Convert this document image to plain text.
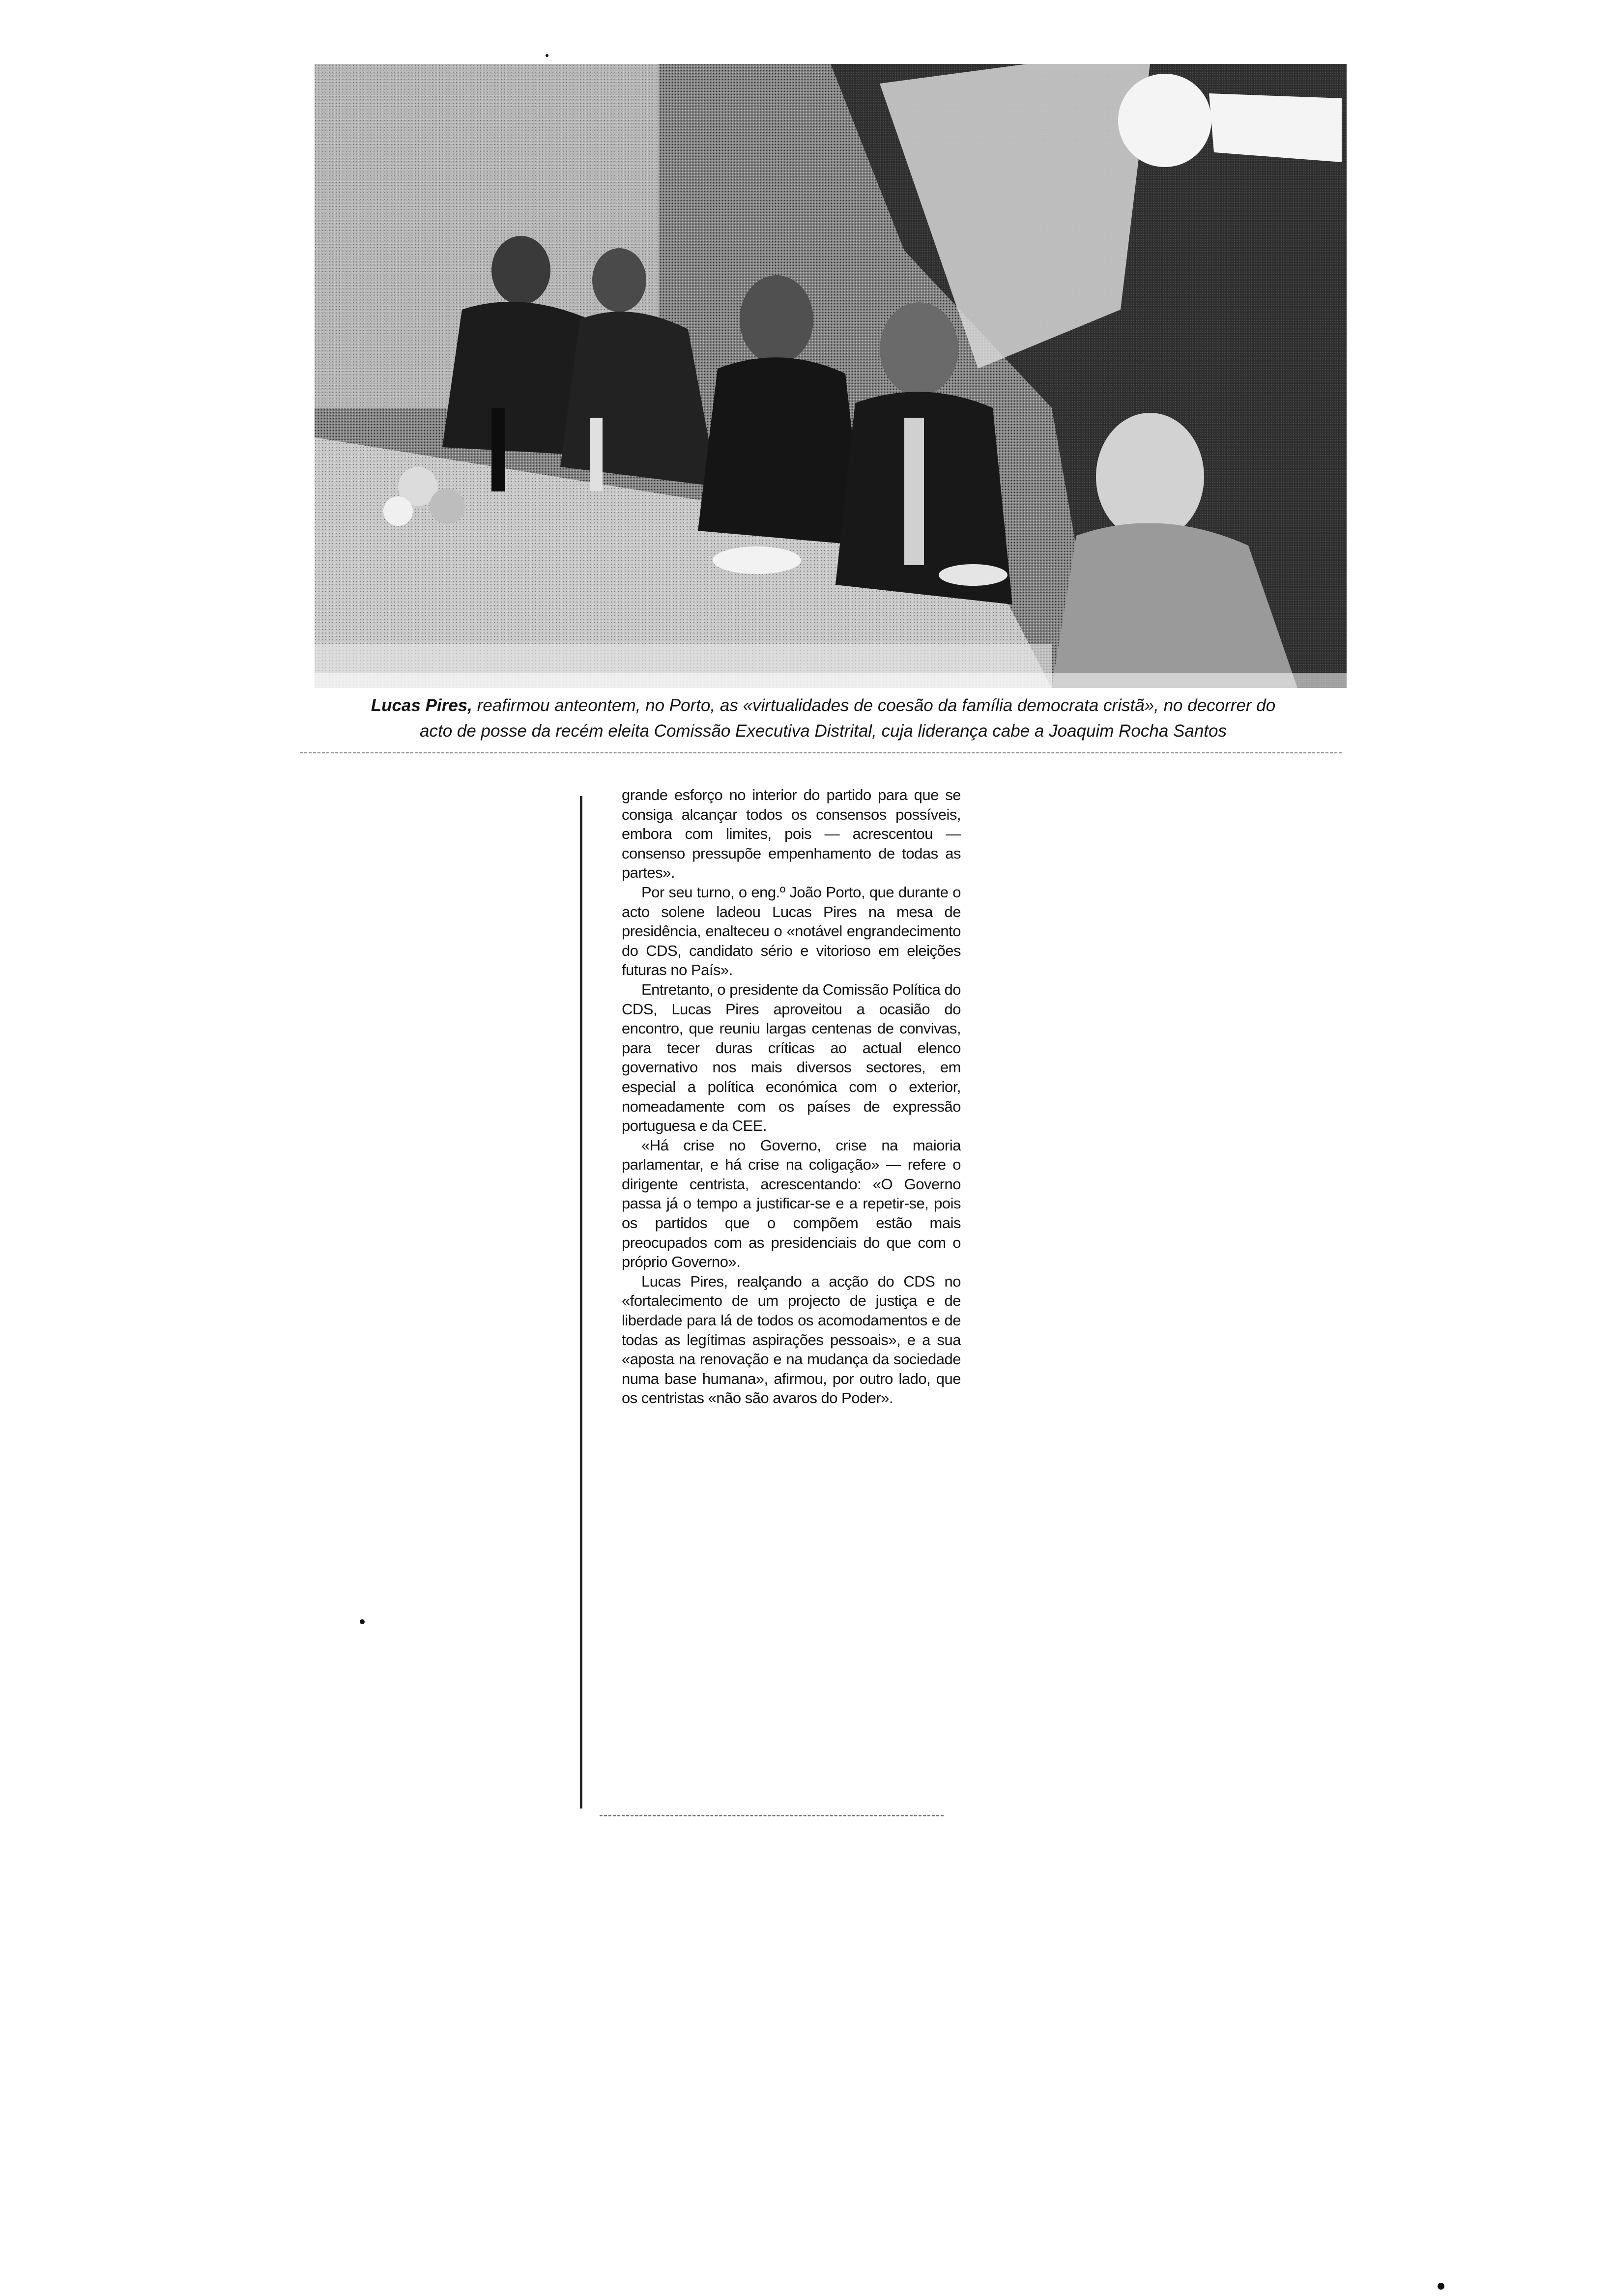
Lucas Pires, reafirmou anteontem, no Porto, as «virtualidades de coesão da família democrata cristã», no decorrer do
acto de posse da recém eleita Comissão Executiva Distrital, cuja liderança cabe a Joaquim Rocha Santos

grande esforço no interior do partido para que se consiga alcançar todos os consensos possíveis, embora com limites, pois — acrescentou — consenso pressupõe empenhamento de todas as partes».

Por seu turno, o eng.º João Porto, que durante o acto solene ladeou Lucas Pires na mesa de presidência, enalteceu o «notável engrandecimento do CDS, candidato sério e vitorioso em eleições futuras no País».

Entretanto, o presidente da Comissão Política do CDS, Lucas Pires aproveitou a ocasião do encontro, que reuniu largas centenas de convivas, para tecer duras críticas ao actual elenco governativo nos mais diversos sectores, em especial a política económica com o exterior, nomeadamente com os países de expressão portuguesa e da CEE.

«Há crise no Governo, crise na maioria parlamentar, e há crise na coligação» — refere o dirigente centrista, acrescentando: «O Governo passa já o tempo a justificar-se e a repetir-se, pois os partidos que o compõem estão mais preocupados com as presidenciais do que com o próprio Governo».

Lucas Pires, realçando a acção do CDS no «fortalecimento de um projecto de justiça e de liberdade para lá de todos os acomodamentos e de todas as legítimas aspirações pessoais», e a sua «aposta na renovação e na mudança da sociedade numa base humana», afirmou, por outro lado, que os centristas «não são avaros do Poder».
